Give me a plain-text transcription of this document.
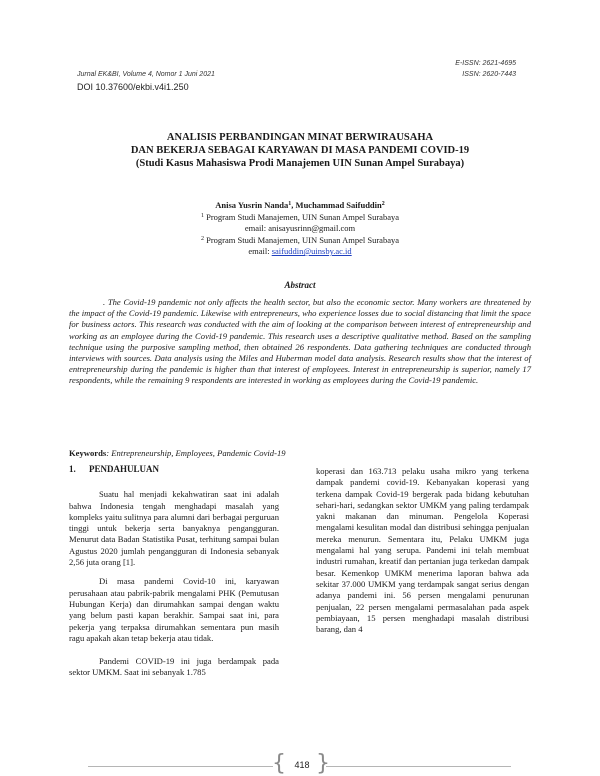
E-ISSN: 2621-4695
ISSN: 2620-7443
Jurnal EK&BI, Volume 4, Nomor 1 Juni 2021
DOI 10.37600/ekbi.v4i1.250
ANALISIS PERBANDINGAN MINAT BERWIRAUSAHA
DAN BEKERJA SEBAGAI KARYAWAN DI MASA PANDEMI COVID-19
(Studi Kasus Mahasiswa Prodi Manajemen UIN Sunan Ampel Surabaya)
Anisa Yusrin Nanda$^1$, Muchammad Saifuddin$^2$
$^1$ Program Studi Manajemen, UIN Sunan Ampel Surabaya
email: anisayusrinn@gmail.com
$^2$ Program Studi Manajemen, UIN Sunan Ampel Surabaya
email: saifuddin@uinsby.ac.id
Abstract

. The Covid-19 pandemic not only affects the health sector, but also the economic sector. Many workers are threatened by the impact of the Covid-19 pandemic. Likewise with entrepreneurs, who experience losses due to social distancing that limit the space for business actors. This research was conducted with the aim of looking at the comparison between interest of entrepreneurship and working as an employee during the Covid-19 pandemic. This research uses a descriptive qualitative method. Based on the sampling technique using the purposive sampling method, then obtained 26 respondents. Data gathering techniques are conducted through interviews with sources. Data analysis using the Miles and Huberman model data analysis. Research results show that the interest of entrepreneurship during the pandemic is higher than that interest of employees. Interest in entrepreneurship is superior, namely 17 respondents, while the remaining 9 respondents are interested in working as employees during the Covid-19 pandemic.

Keywords: Entrepreneurship, Employees, Pandemic Covid-19
1. PENDAHULUAN

Suatu hal menjadi kekahwatiran saat ini adalah bahwa Indonesia tengah menghadapi masalah yang kompleks yaitu sulitnya para alumni dari berbagai perguruan tinggi untuk bekerja serta banyaknya pengangguran. Menurut data Badan Statistika Pusat, terhitung sampai bulan Agustus 2020 jumlah pengangguran di Indonesia sebanyak 2,56 juta orang [1].

Di masa pandemi Covid-10 ini, karyawan perusahaan atau pabrik-pabrik mengalami PHK (Pemutusan Hubungan Kerja) dan dirumahkan sampai dengan waktu yang belum pasti kapan berakhir. Sampai saat ini, para pekerja yang terpaksa dirumahkan sementara pun masih ragu apakah akan tetap bekerja atau tidak.

Pandemi COVID-19 ini juga berdampak pada sektor UMKM. Saat ini sebanyak 1.785

koperasi dan 163.713 pelaku usaha mikro yang terkena dampak pandemi covid-19. Kebanyakan koperasi yang terkena dampak Covid-19 bergerak pada bidang kebutuhan sehari-hari, sedangkan sektor UMKM yang paling terdampak yakni makanan dan minuman. Pengelola Koperasi mengalami kesulitan modal dan distribusi sehingga penjualan mereka menurun. Sementara itu, Pelaku UMKM juga mengalami hal yang serupa. Pandemi ini telah membuat industri rumahan, kreatif dan pertanian juga terkedan dampak besar. Kemenkop UMKM menerima laporan bahwa ada sekitar 37.000 UMKM yang terdampak sangat serius dengan adanya pandemi ini. 56 persen mengalami penurunan penjualan, 22 persen mengalami permasalahan pada aspek pembiayaan, 15 persen menghadapi masalah distribusi barang, dan 4

{ }
418
